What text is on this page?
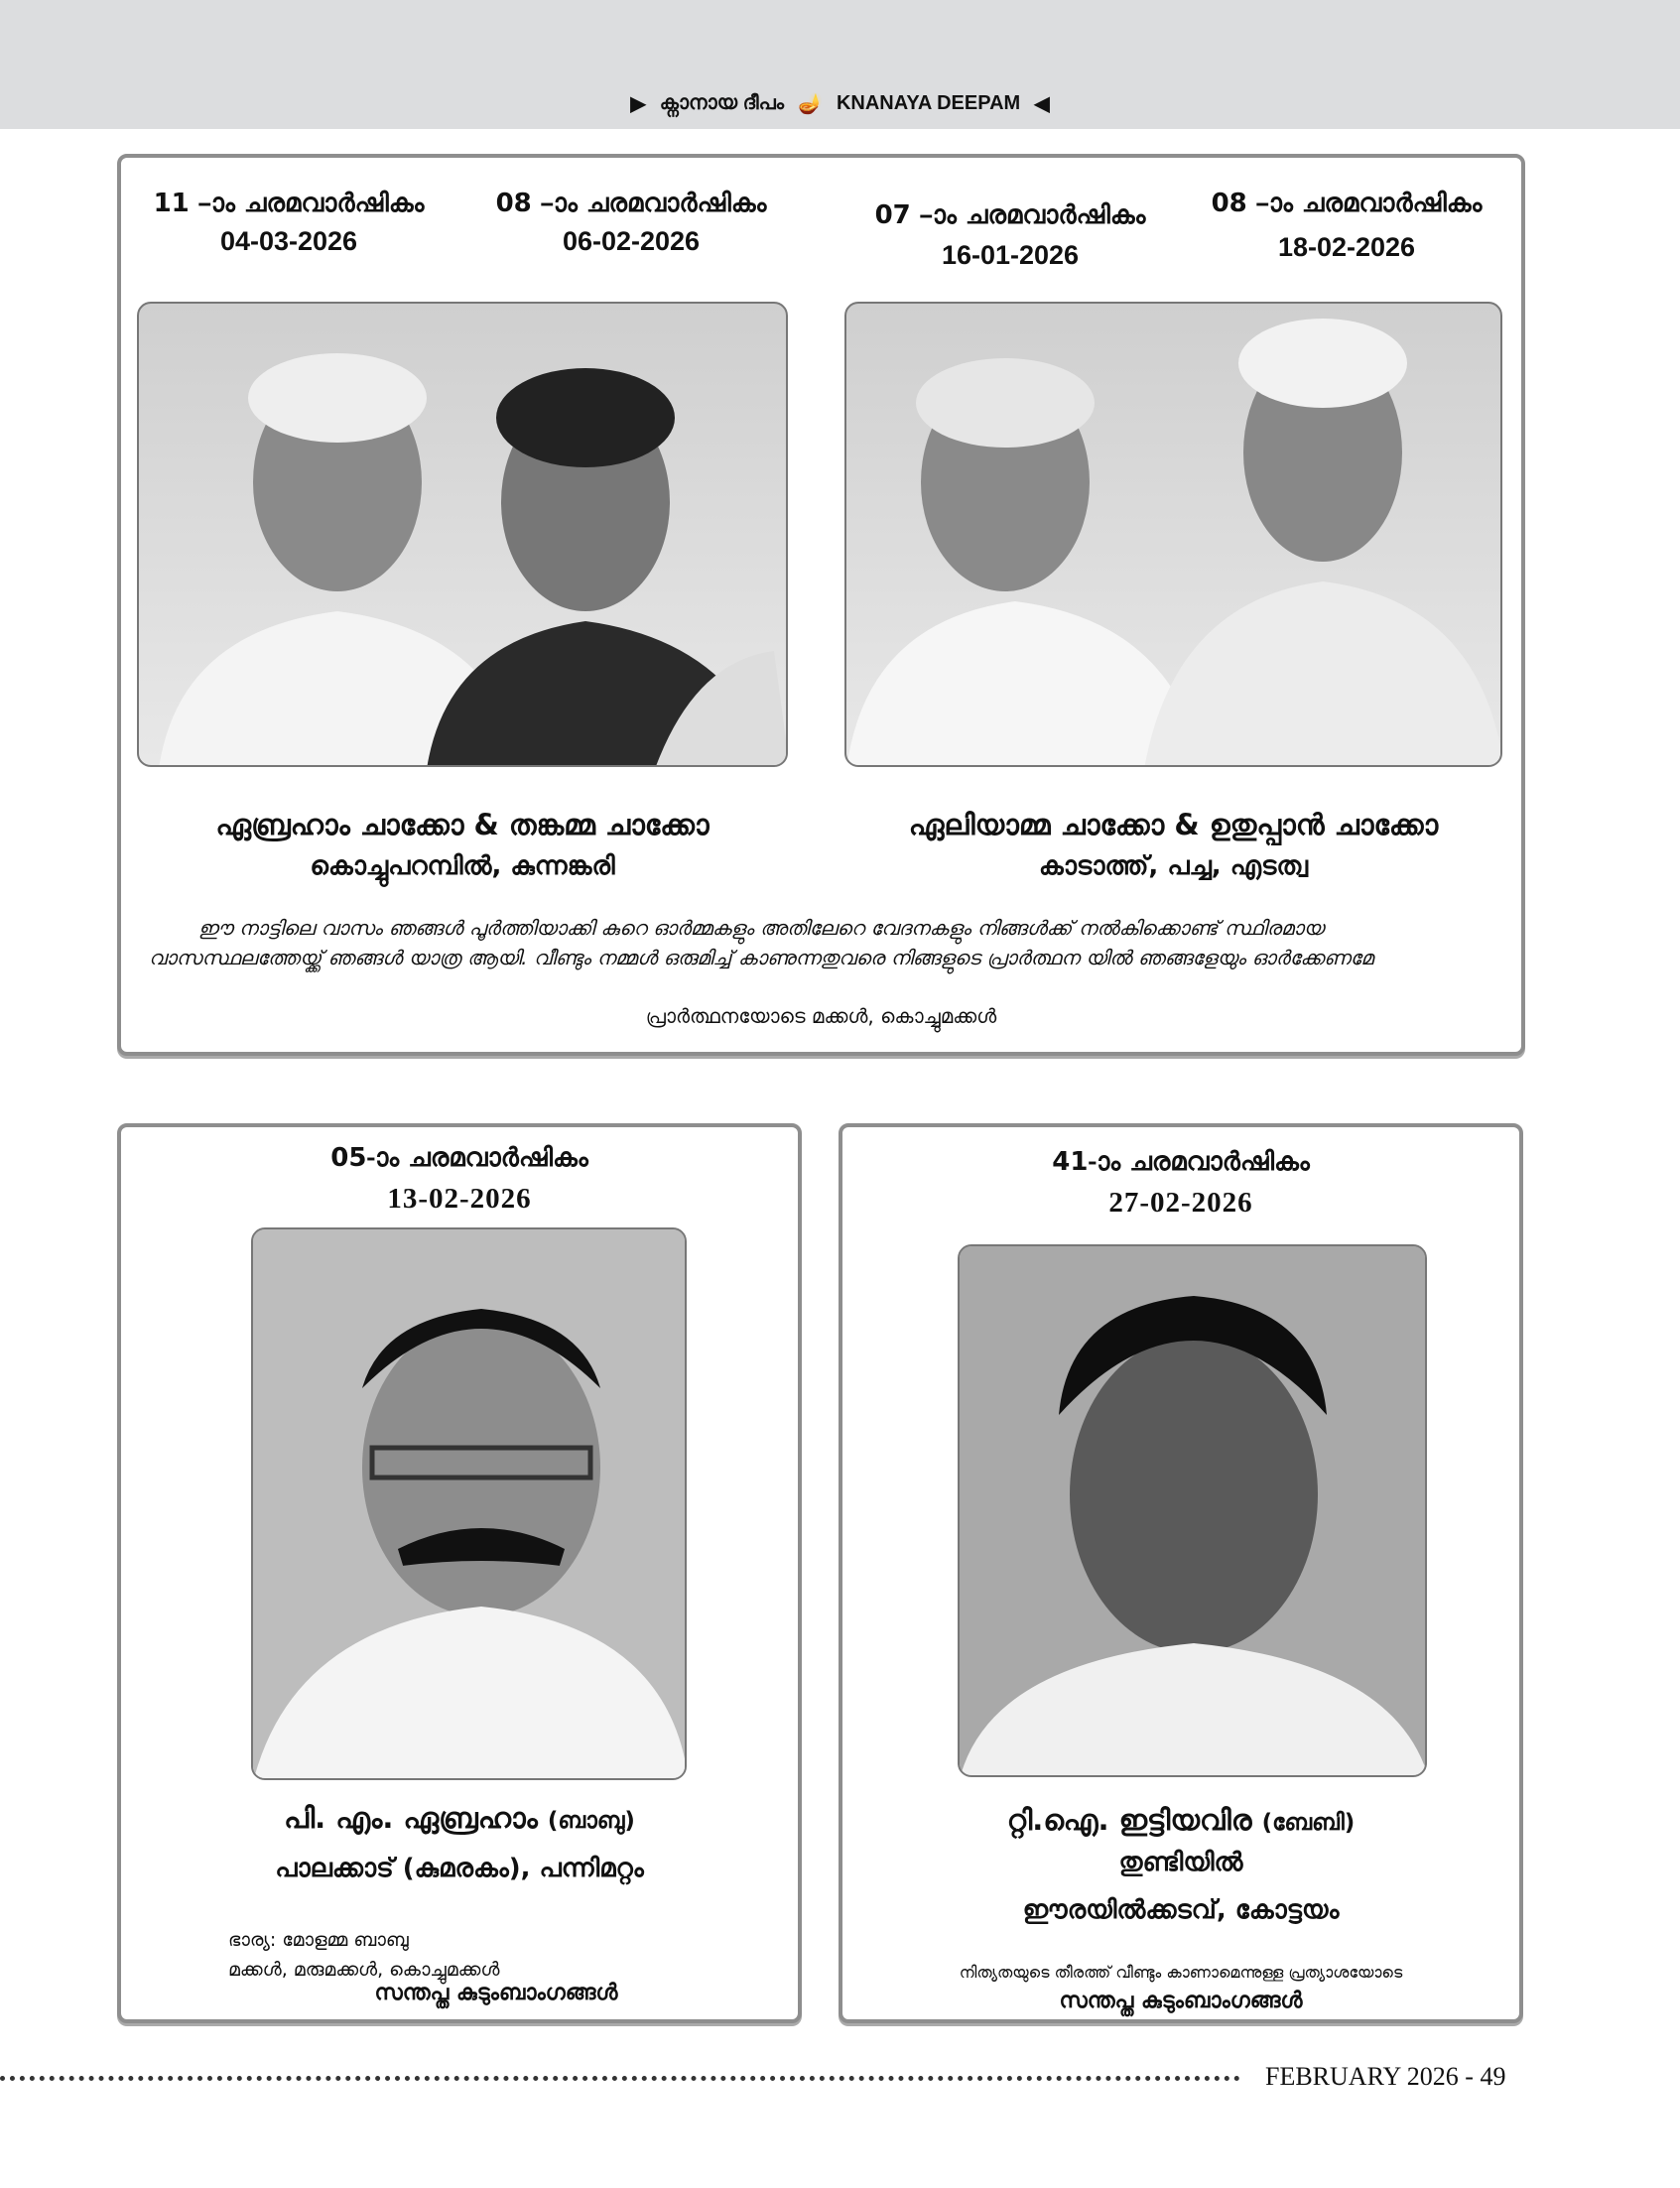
▶ ക്നാനായ ദീപം 🪔 KNANAYA DEEPAM ◀
11 –ാം ചരമവാർഷികം
04-03-2026
08 –ാം ചരമവാർഷികം
06-02-2026
07 –ാം ചരമവാർഷികം
16-01-2026
08 –ാം ചരമവാർഷികം
18-02-2026
ഏബ്രഹാം ചാക്കോ & തങ്കമ്മ ചാക്കോ
കൊച്ചുപറമ്പിൽ, കുന്നങ്കരി
ഏലിയാമ്മ ചാക്കോ & ഉതുപ്പാൻ ചാക്കോ
കാടാത്ത്, പച്ച, എടത്വ
ഈ നാട്ടിലെ വാസം ഞങ്ങൾ പൂർത്തിയാക്കി കുറെ ഓർമ്മകളും അതിലേറെ വേദനകളും നിങ്ങൾക്ക് നൽകിക്കൊണ്ട് സ്ഥിരമായ വാസസ്ഥലത്തേയ്ക്ക് ഞങ്ങൾ യാത്ര ആയി. വീണ്ടും നമ്മൾ ഒരുമിച്ച് കാണുന്നതുവരെ നിങ്ങളുടെ പ്രാർത്ഥന യിൽ ഞങ്ങളേയും ഓർക്കേണമേ
പ്രാർത്ഥനയോടെ മക്കൾ, കൊച്ചുമക്കൾ
05-ാം ചരമവാർഷികം
13-02-2026
പി. എം. ഏബ്രഹാം (ബാബു)
പാലക്കാട് (കുമരകം), പന്നിമറ്റം
ഭാര്യ: മോളമ്മ ബാബു
മക്കൾ, മരുമക്കൾ, കൊച്ചുമക്കൾ
സന്തപ്ത കുടുംബാംഗങ്ങൾ
41-ാം ചരമവാർഷികം
27-02-2026
റ്റി.ഐ. ഇട്ടിയവിര (ബേബി)
തുണ്ടിയിൽ
ഈരയിൽക്കടവ്, കോട്ടയം
നിത്യതയുടെ തീരത്ത് വീണ്ടും കാണാമെന്നുള്ള പ്രത്യാശയോടെ
സന്തപ്ത കുടുംബാംഗങ്ങൾ
FEBRUARY 2026 - 49
